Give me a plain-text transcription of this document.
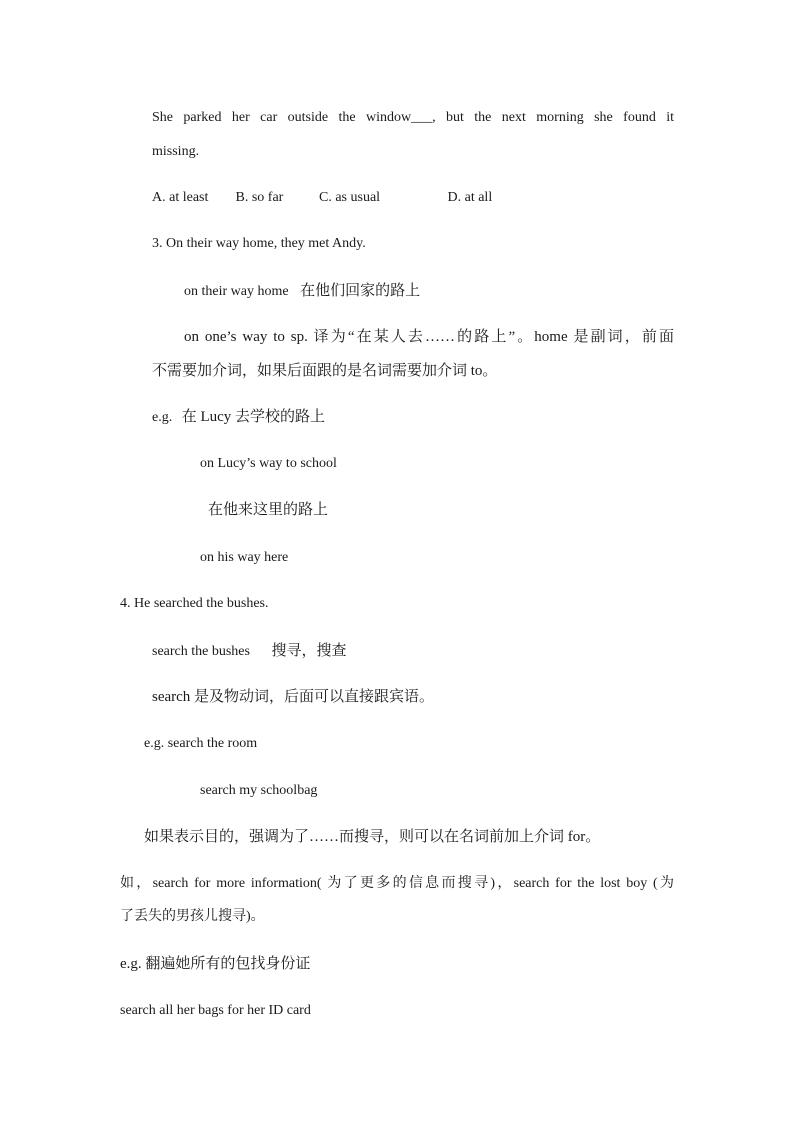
She parked her car outside the window___, but the next morning she found it
missing.
A. at least B. so far	C. as usual	D. at all
3. On their way home, they met Andy.
on their way home 在他们回家的路上
on one’s way to sp. 译为“在某人去……的路上”。home 是副词，前面
不需要加介词，如果后面跟的是名词需要加介词 to。
e.g. 在 Lucy 去学校的路上
on Lucy’s way to school
在他来这里的路上
on his way here
4. He searched the bushes.
search the bushes 搜寻，搜查
search 是及物动词，后面可以直接跟宾语。
e.g. search the room
search my schoolbag
如果表示目的，强调为了……而搜寻，则可以在名词前加上介词 for。
如，search for more information( 为了更多的信息而搜寻)，search for the lost boy (为
了丢失的男孩儿搜寻)。
e.g. 翻遍她所有的包找身份证
search all her bags for her ID card
